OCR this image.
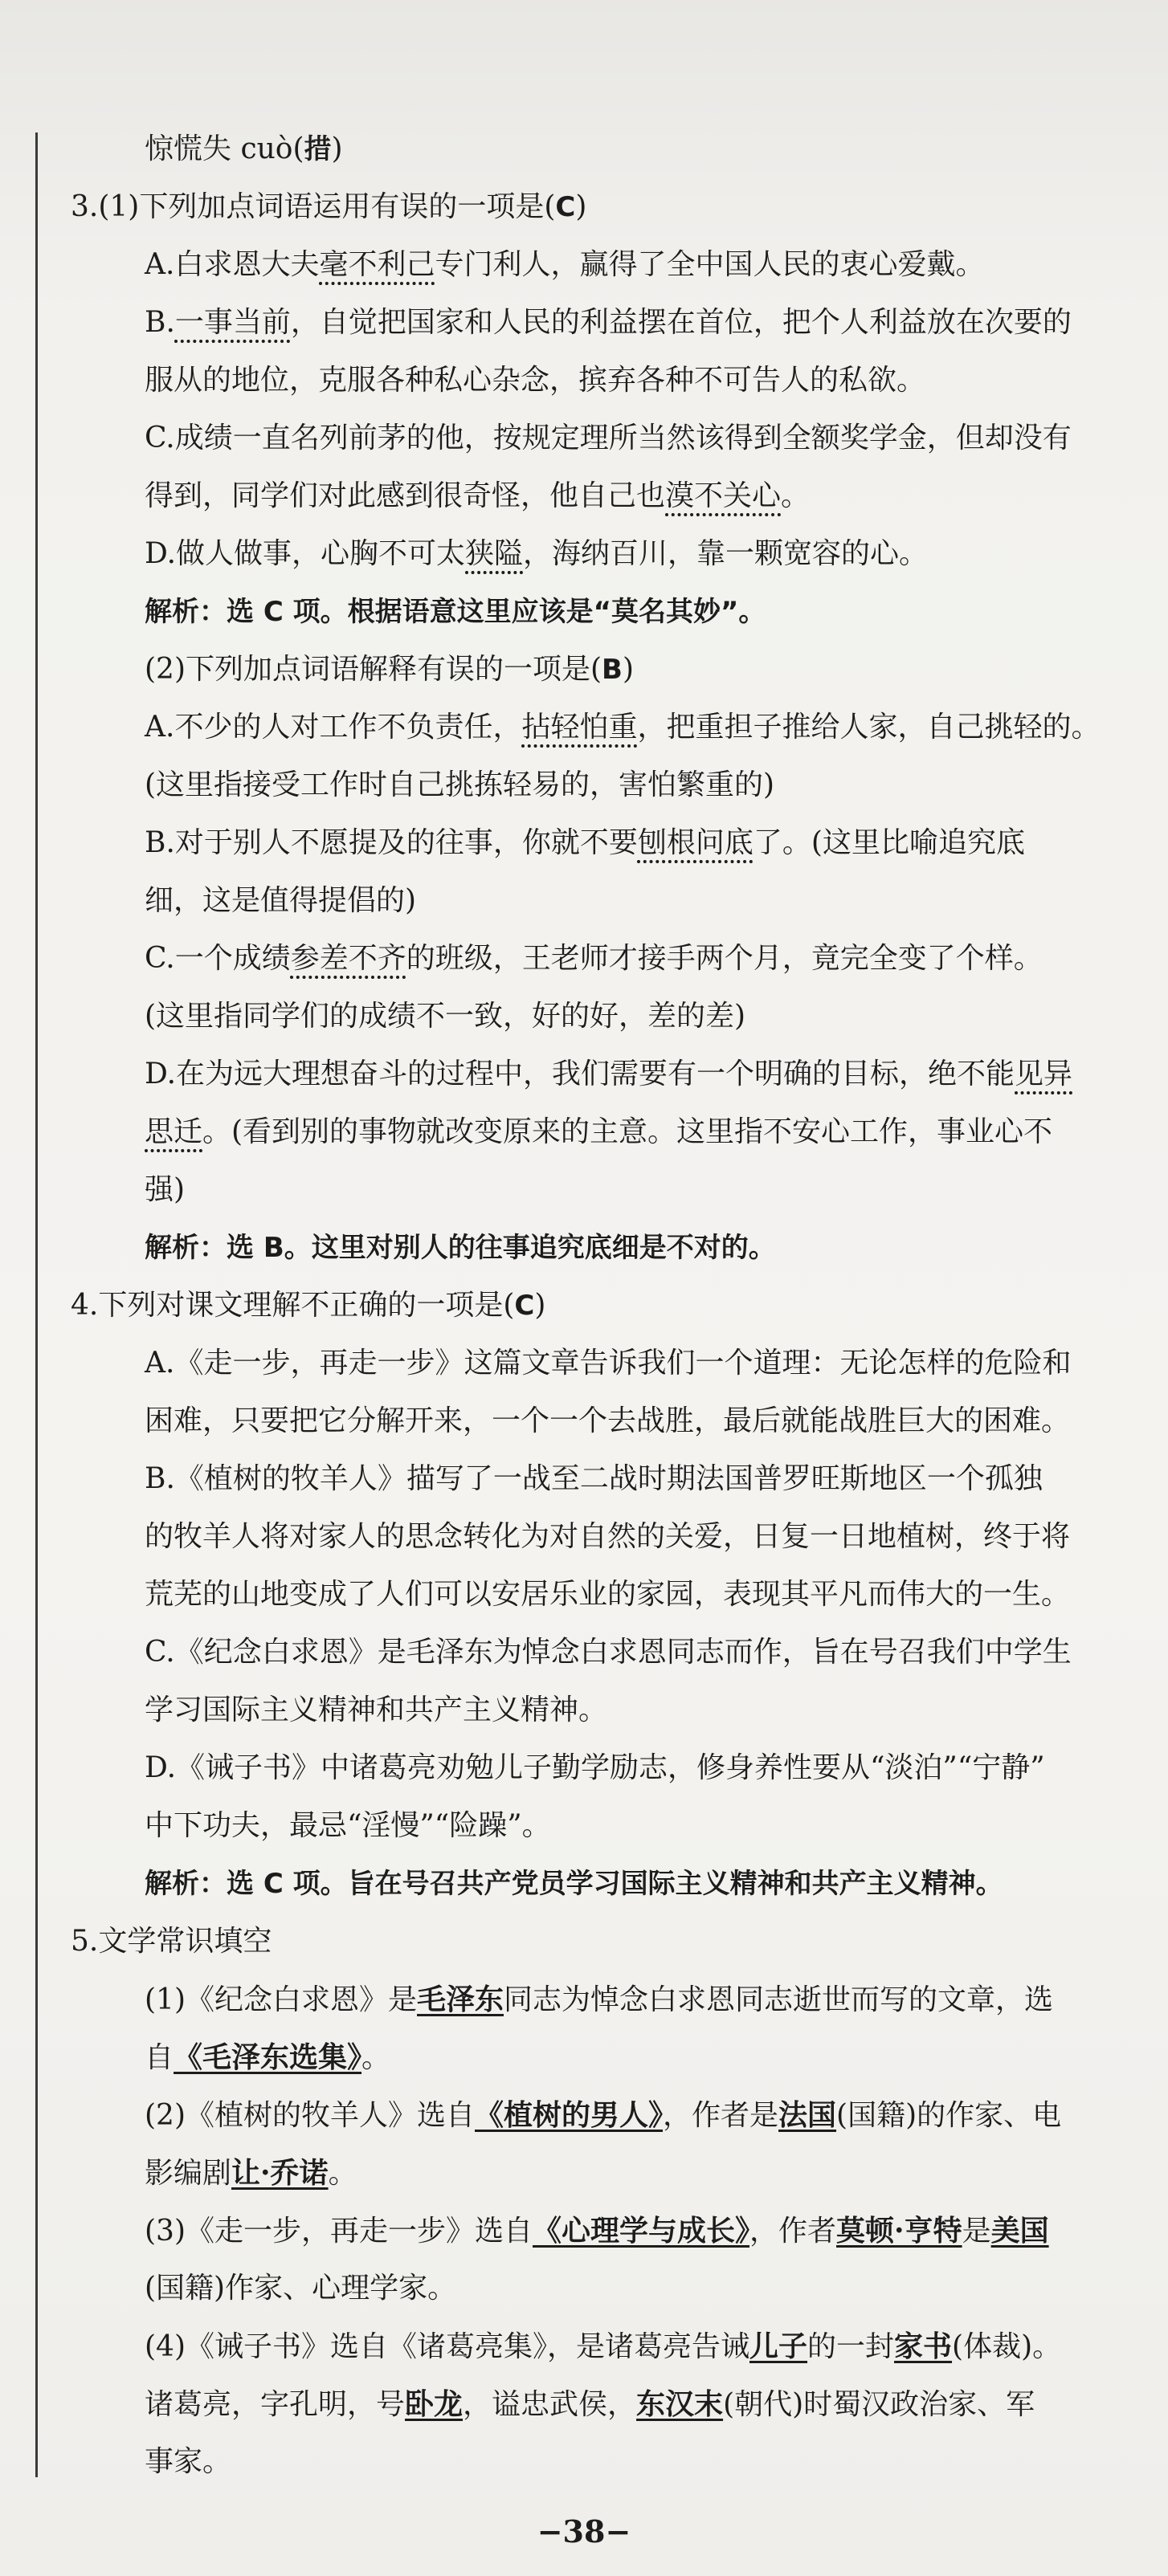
惊慌失 cuò(措)
3.(1)下列加点词语运用有误的一项是(C)
A.白求恩大夫毫不利己专门利人，赢得了全中国人民的衷心爱戴。
B.一事当前，自觉把国家和人民的利益摆在首位，把个人利益放在次要的
服从的地位，克服各种私心杂念，摈弃各种不可告人的私欲。
C.成绩一直名列前茅的他，按规定理所当然该得到全额奖学金，但却没有
得到，同学们对此感到很奇怪，他自己也漠不关心。
D.做人做事，心胸不可太狭隘，海纳百川，靠一颗宽容的心。
解析：选 C 项。根据语意这里应该是“莫名其妙”。
(2)下列加点词语解释有误的一项是(B)
A.不少的人对工作不负责任，拈轻怕重，把重担子推给人家，自己挑轻的。
(这里指接受工作时自己挑拣轻易的，害怕繁重的)
B.对于别人不愿提及的往事，你就不要刨根问底了。(这里比喻追究底
细，这是值得提倡的)
C.一个成绩参差不齐的班级，王老师才接手两个月，竟完全变了个样。
(这里指同学们的成绩不一致，好的好，差的差)
D.在为远大理想奋斗的过程中，我们需要有一个明确的目标，绝不能见异
思迁。(看到别的事物就改变原来的主意。这里指不安心工作，事业心不
强)
解析：选 B。这里对别人的往事追究底细是不对的。
4.下列对课文理解不正确的一项是(C)
A.《走一步，再走一步》这篇文章告诉我们一个道理：无论怎样的危险和
困难，只要把它分解开来，一个一个去战胜，最后就能战胜巨大的困难。
B.《植树的牧羊人》描写了一战至二战时期法国普罗旺斯地区一个孤独
的牧羊人将对家人的思念转化为对自然的关爱，日复一日地植树，终于将
荒芜的山地变成了人们可以安居乐业的家园，表现其平凡而伟大的一生。
C.《纪念白求恩》是毛泽东为悼念白求恩同志而作，旨在号召我们中学生
学习国际主义精神和共产主义精神。
D.《诫子书》中诸葛亮劝勉儿子勤学励志，修身养性要从“淡泊”“宁静”
中下功夫，最忌“淫慢”“险躁”。
解析：选 C 项。旨在号召共产党员学习国际主义精神和共产主义精神。
5.文学常识填空
(1)《纪念白求恩》是毛泽东同志为悼念白求恩同志逝世而写的文章，选
自《毛泽东选集》。
(2)《植树的牧羊人》选自《植树的男人》，作者是法国(国籍)的作家、电
影编剧让·乔诺。
(3)《走一步，再走一步》选自《心理学与成长》，作者莫顿·亨特是美国
(国籍)作家、心理学家。
(4)《诫子书》选自《诸葛亮集》，是诸葛亮告诫儿子的一封家书(体裁)。
诸葛亮，字孔明，号卧龙，谥忠武侯，东汉末(朝代)时蜀汉政治家、军
事家。
−38−
